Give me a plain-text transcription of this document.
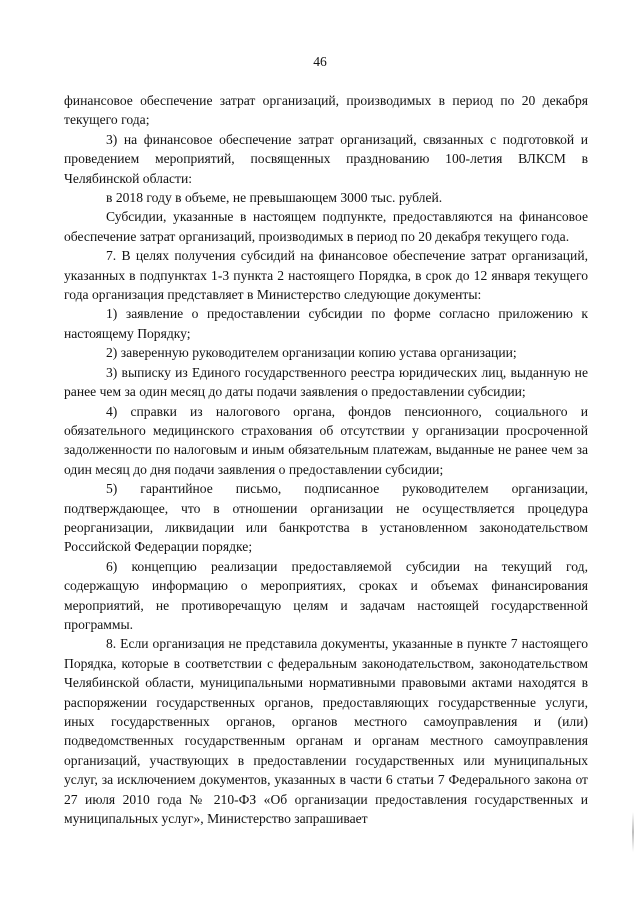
46

финансовое обеспечение затрат организаций, производимых в период по 20 декабря текущего года;

3) на финансовое обеспечение затрат организаций, связанных с подготовкой и проведением мероприятий, посвященных празднованию 100-летия ВЛКСМ в Челябинской области:

в 2018 году в объеме, не превышающем 3000 тыс. рублей.

Субсидии, указанные в настоящем подпункте, предоставляются на финансовое обеспечение затрат организаций, производимых в период по 20 декабря текущего года.

7. В целях получения субсидий на финансовое обеспечение затрат организаций, указанных в подпунктах 1-3 пункта 2 настоящего Порядка, в срок до 12 января текущего года организация представляет в Министерство следующие документы:

1) заявление о предоставлении субсидии по форме согласно приложению к настоящему Порядку;

2) заверенную руководителем организации копию устава организации;

3) выписку из Единого государственного реестра юридических лиц, выданную не ранее чем за один месяц до даты подачи заявления о предоставлении субсидии;

4) справки из налогового органа, фондов пенсионного, социального и обязательного медицинского страхования об отсутствии у организации просроченной задолженности по налоговым и иным обязательным платежам, выданные не ранее чем за один месяц до дня подачи заявления о предоставлении субсидии;

5) гарантийное письмо, подписанное руководителем организации, подтверждающее, что в отношении организации не осуществляется процедура реорганизации, ликвидации или банкротства в установленном законодательством Российской Федерации порядке;

6) концепцию реализации предоставляемой субсидии на текущий год, содержащую информацию о мероприятиях, сроках и объемах финансирования мероприятий, не противоречащую целям и задачам настоящей государственной программы.

8. Если организация не представила документы, указанные в пункте 7 настоящего Порядка, которые в соответствии с федеральным законодательством, законодательством Челябинской области, муниципальными нормативными правовыми актами находятся в распоряжении государственных органов, предоставляющих государственные услуги, иных государственных органов, органов местного самоуправления и (или) подведомственных государственным органам и органам местного самоуправления организаций, участвующих в предоставлении государственных или муниципальных услуг, за исключением документов, указанных в части 6 статьи 7 Федерального закона от 27 июля 2010 года № 210-ФЗ «Об организации предоставления государственных и муниципальных услуг», Министерство запрашивает
